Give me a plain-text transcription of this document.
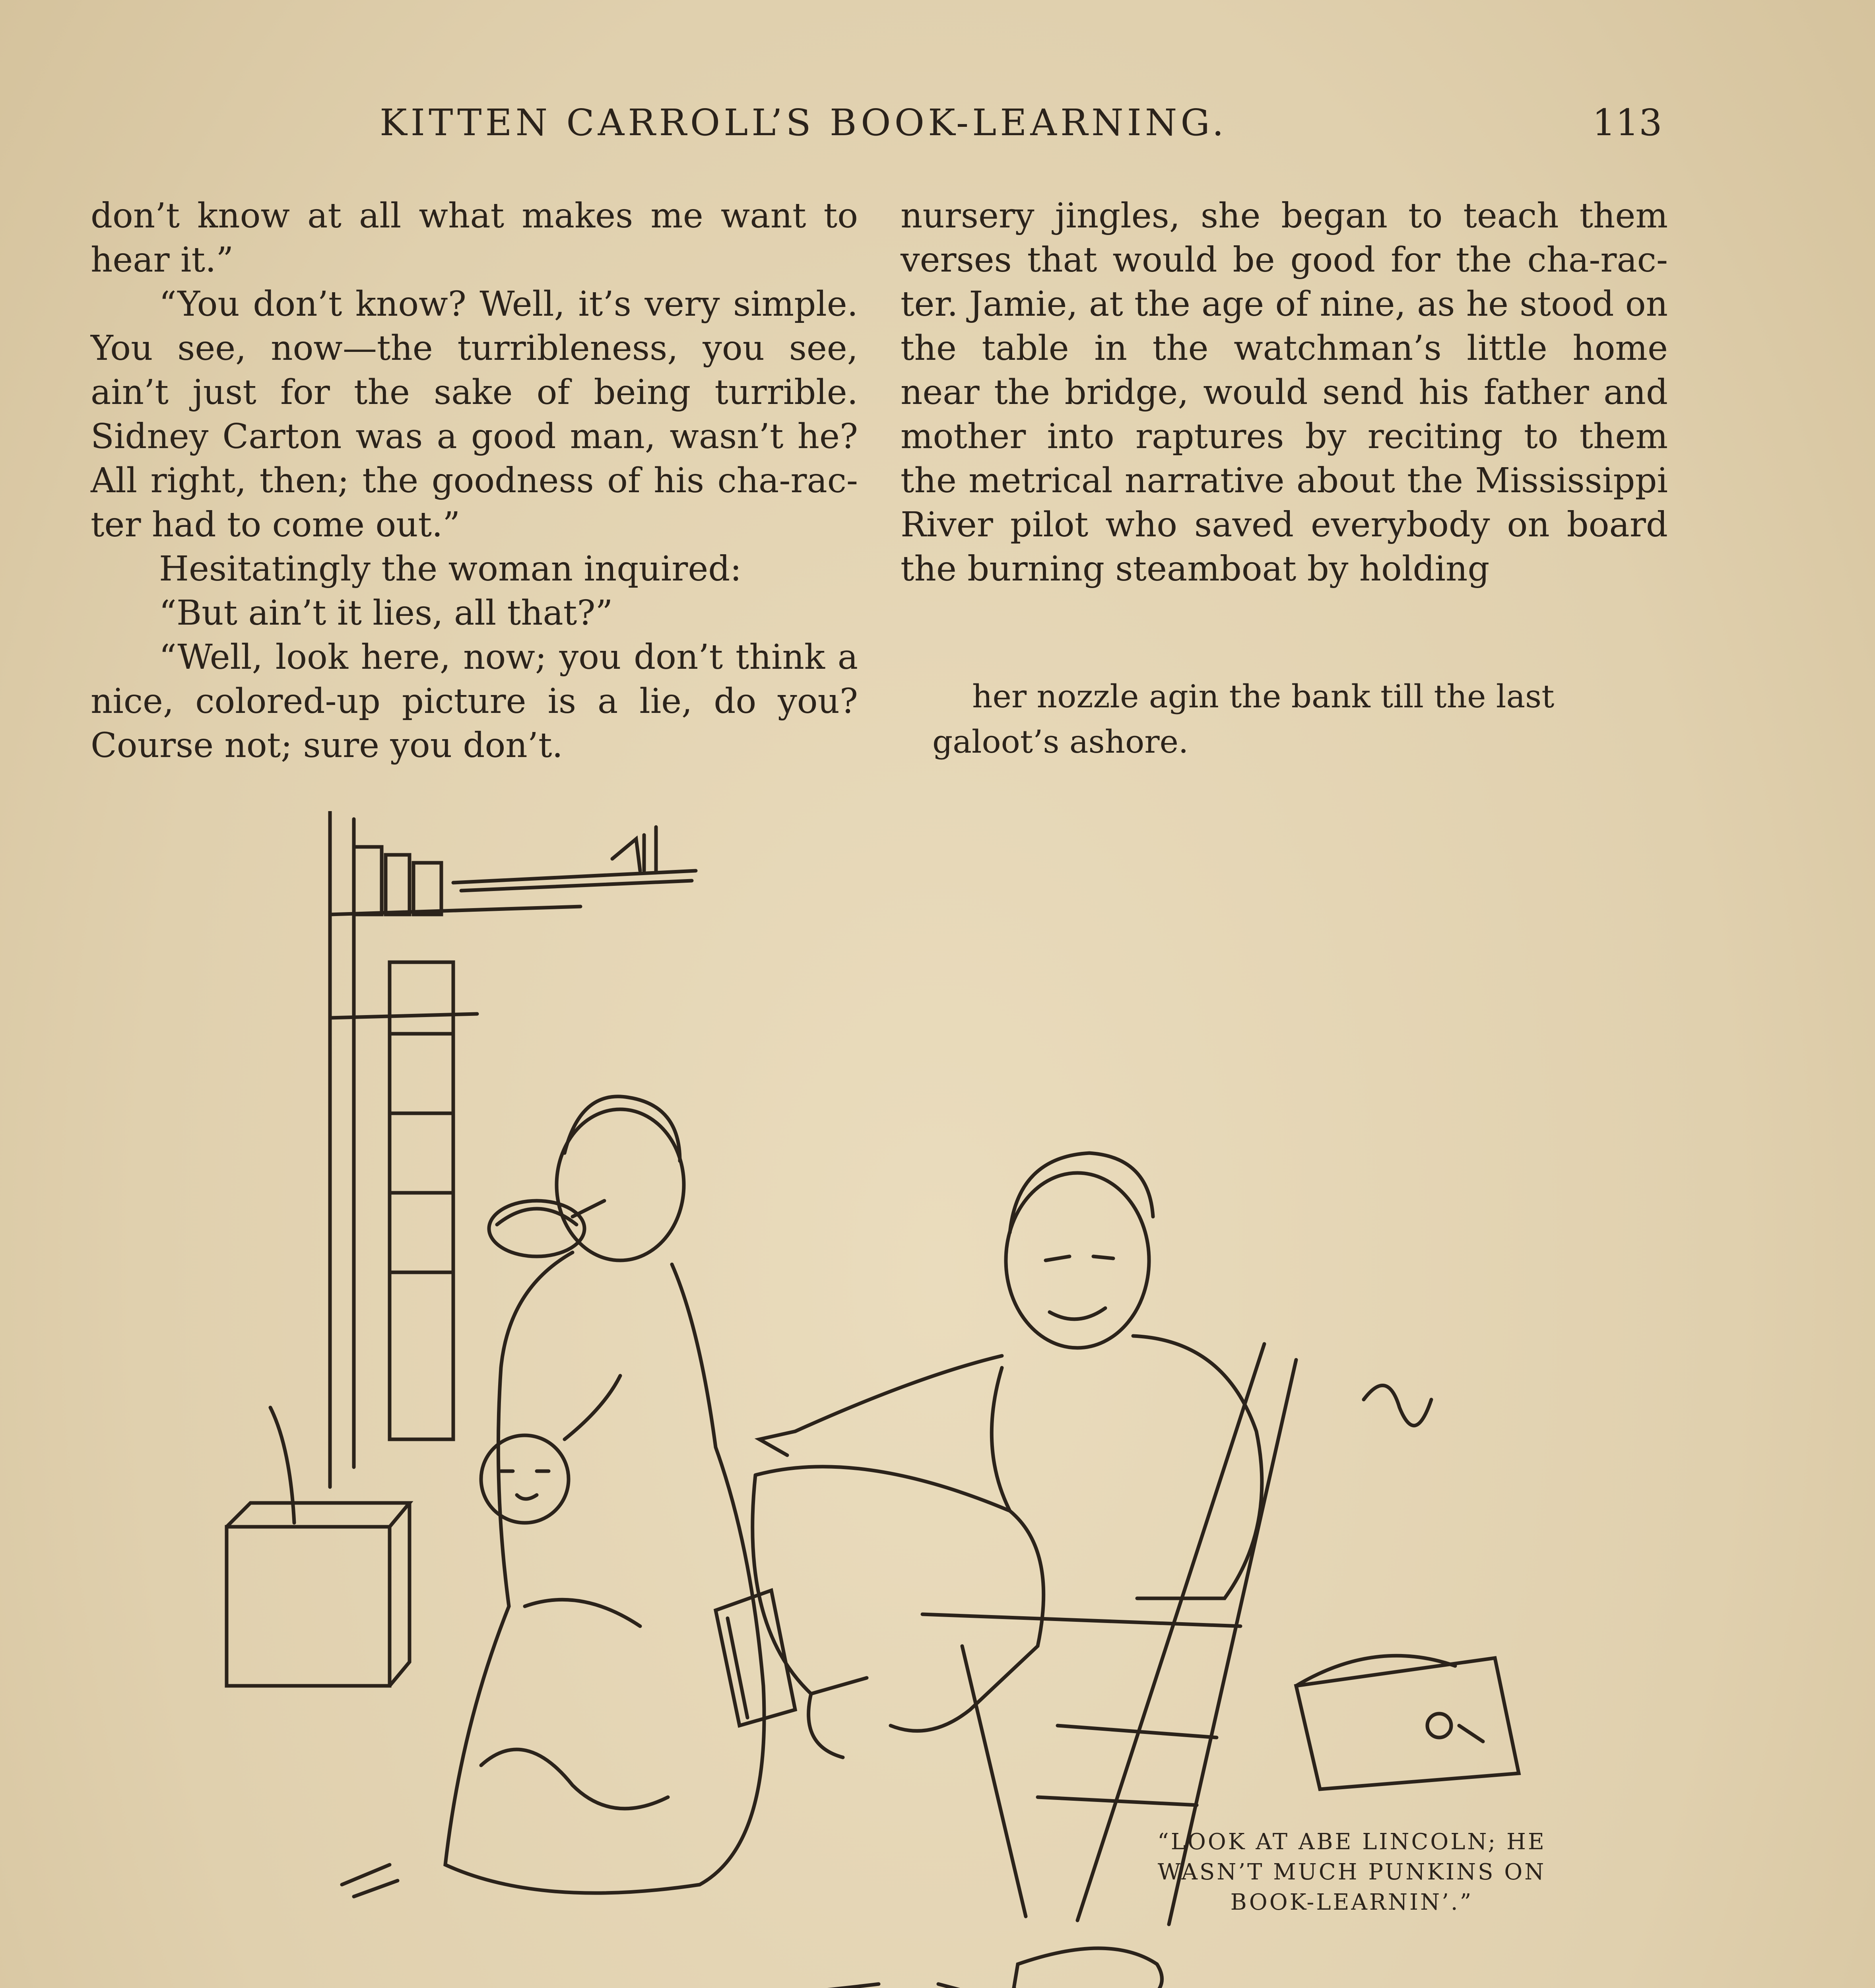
KITTEN CARROLL’S BOOK-LEARNING.	113

don’t know at all what makes me want to hear it.”

“You don’t know? Well, it’s very simple. You see, now—the turribleness, you see, ain’t just for the sake of being turrible. Sidney Carton was a good man, wasn’t he? All right, then; the goodness of his cha-rac-ter had to come out.”

Hesitatingly the woman inquired:

“But ain’t it lies, all that?”

“Well, look here, now; you don’t think a nice, colored-up picture is a lie, do you? Course not; sure you don’t.

nursery jingles, she began to teach them verses that would be good for the cha-rac-ter. Jamie, at the age of nine, as he stood on the table in the watchman’s little home near the bridge, would send his father and mother into raptures by reciting to them the metrical narrative about the Mississippi River pilot who saved everybody on board the burning steamboat by holding

her nozzle agin the bank till the last
galoot’s ashore.
“LOOK AT ABE LINCOLN; HE WASN’T MUCH PUNKINS ON BOOK-LEARNIN’.”
